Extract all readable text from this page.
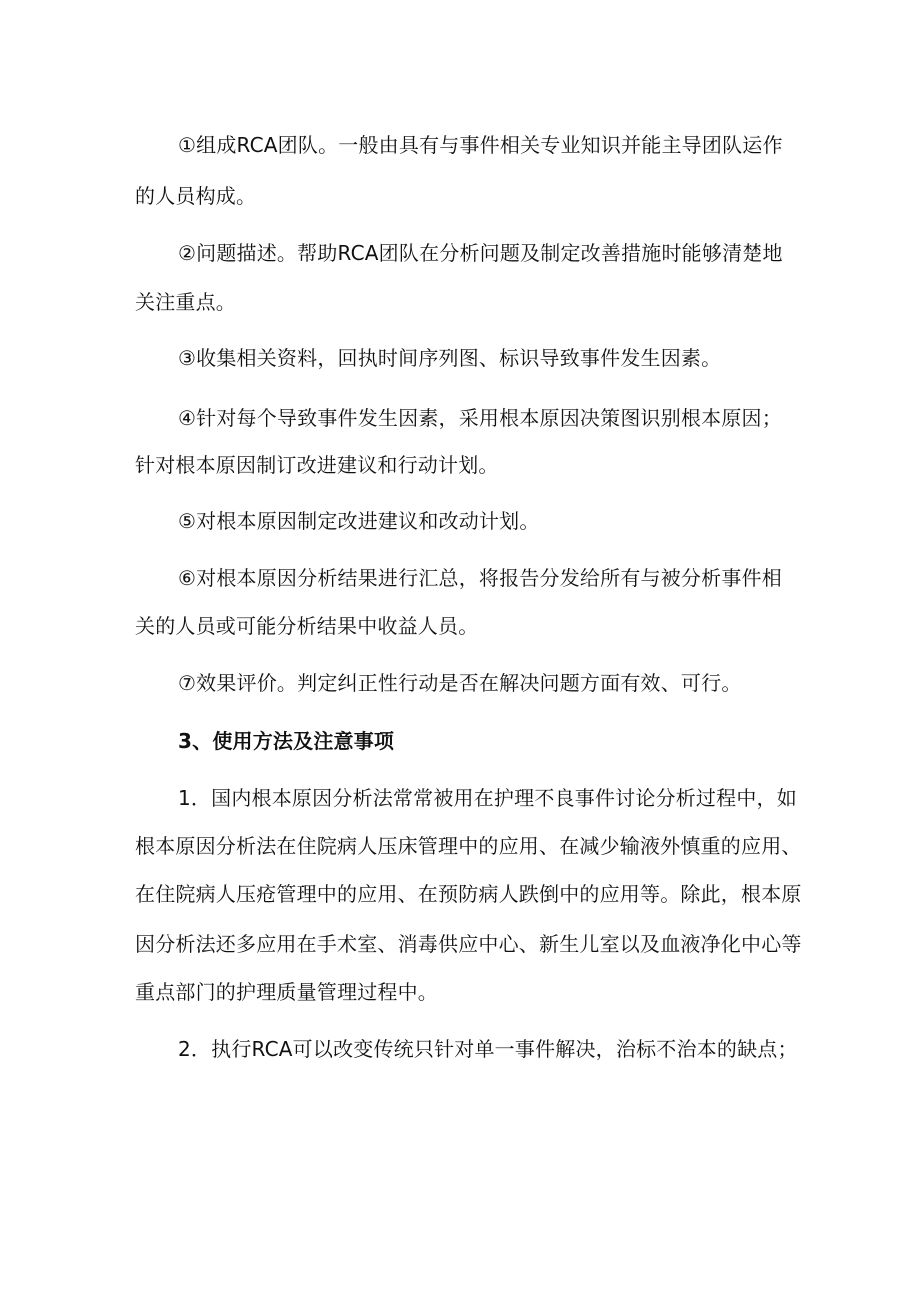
①组成RCA团队。一般由具有与事件相关专业知识并能主导团队运作
的人员构成。
②问题描述。帮助RCA团队在分析问题及制定改善措施时能够清楚地
关注重点。
③收集相关资料，回执时间序列图、标识导致事件发生因素。
④针对每个导致事件发生因素，采用根本原因决策图识别根本原因；
针对根本原因制订改进建议和行动计划。
⑤对根本原因制定改进建议和改动计划。
⑥对根本原因分析结果进行汇总，将报告分发给所有与被分析事件相
关的人员或可能分析结果中收益人员。
⑦效果评价。判定纠正性行动是否在解决问题方面有效、可行。
3、使用方法及注意事项
1．国内根本原因分析法常常被用在护理不良事件讨论分析过程中，如
根本原因分析法在住院病人压床管理中的应用、在减少输液外慎重的应用、
在住院病人压疮管理中的应用、在预防病人跌倒中的应用等。除此，根本原
因分析法还多应用在手术室、消毒供应中心、新生儿室以及血液净化中心等
重点部门的护理质量管理过程中。
2．执行RCA可以改变传统只针对单一事件解决，治标不治本的缺点；
